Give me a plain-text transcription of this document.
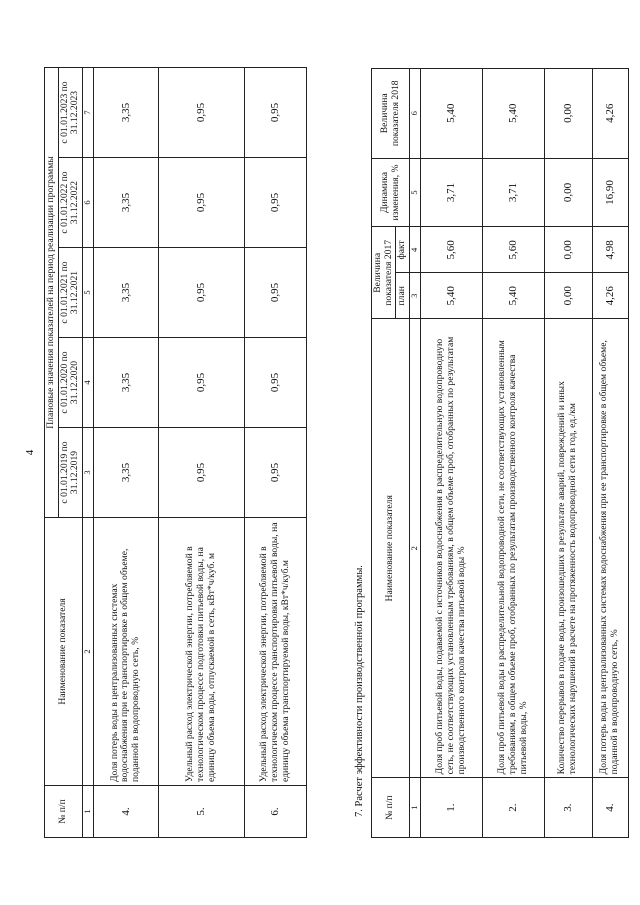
4
№ п/п	Наименование показателя	Плановые значения показателей на период реализации программы				
		с 01.01.2019 по 31.12.2019	с 01.01.2020 по 31.12.2020	с 01.01.2021 по 31.12.2021	с 01.01.2022 по 31.12.2022	с 01.01.2023 по 31.12.2023
1	2	3	4	5	6	7
4.	Доля потерь воды в централизованных системах водоснабжения при ее транспортировке в общем объеме, поданной в водопроводную сеть, %	3,35	3,35	3,35	3,35	3,35
5.	Удельный расход электрической энергии, потребляемой в технологическом процессе подготовки питьевой воды, на единицу объема воды, отпускаемой в сеть, кВт*ч/куб. м	0,95	0,95	0,95	0,95	0,95
6.	Удельный расход электрической энергии, потребляемой в технологическом процессе транспортировки питьевой воды, на единицу объема транспортируемой воды, кВт*ч/куб.м	0,95	0,95	0,95	0,95	0,95
7. Расчет эффективности производственной программы. № п/п	Наименование показателя	Величина показателя 2017		Динамика изменения, %	Величина показателя 2018
		план	факт		
1	2	3	4	5	6
1.	Доля проб питьевой воды, подаваемой с источников водоснабжения в распределительную водопроводную сеть, не соответствующих установленным требованиям, в общем объеме проб, отобранных по результатам производственного контроля качества питьевой воды %	5,40	5,60	3,71	5,40
2.	Доля проб питьевой воды в распределительной водопроводной сети, не соответствующих установленным требованиям, в общем объеме проб, отобранных по результатам производственного контроля качества питьевой воды, %	5,40	5,60	3,71	5,40
3.	Количество перерывов в подаче воды, произошедших в результате аварий, повреждений и иных технологических нарушений в расчете на протяженность водопроводной сети в год, ед./км	0,00	0,00	0,00	0,00
4.	Доля потерь воды в централизованных системах водоснабжения при ее транспортировке в общем объеме, поданной в водопроводную сеть, %	4,26	4,98	16,90	4,26
